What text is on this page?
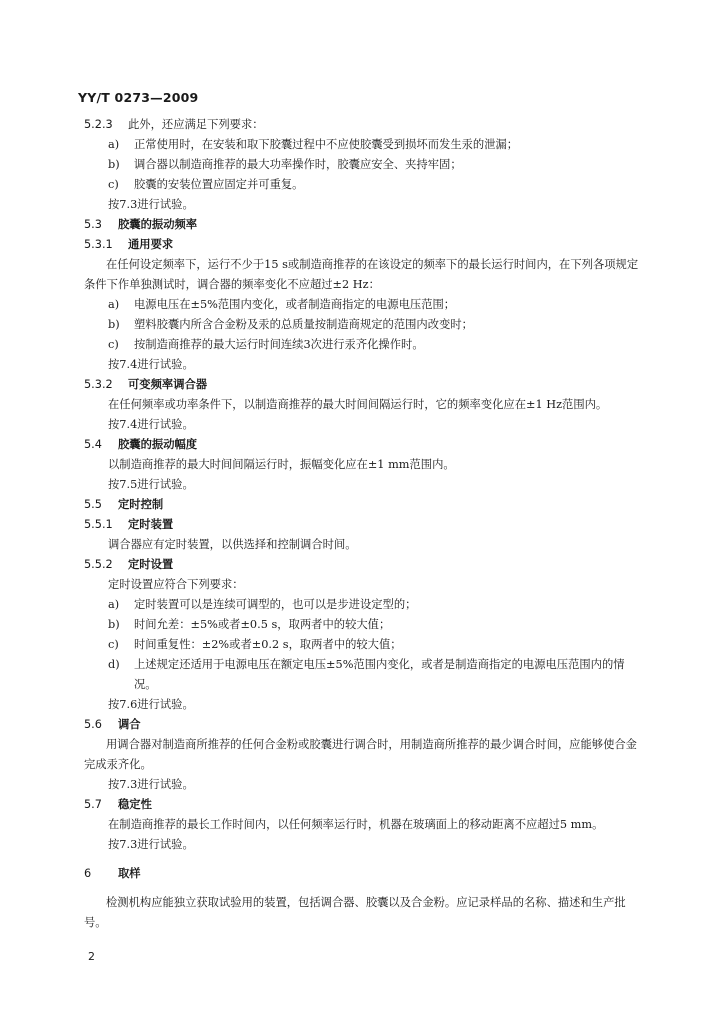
YY/T 0273—2009
5.2.3 此外，还应满足下列要求：
a)	正常使用时，在安装和取下胶囊过程中不应使胶囊受到损坏而发生汞的泄漏；
b)	调合器以制造商推荐的最大功率操作时，胶囊应安全、夹持牢固；
c)	胶囊的安装位置应固定并可重复。
按7.3进行试验。
5.3 胶囊的振动频率
5.3.1 通用要求
在任何设定频率下，运行不少于15 s或制造商推荐的在该设定的频率下的最长运行时间内，在下列各项规定条件下作单独测试时，调合器的频率变化不应超过±2 Hz：
a)	电源电压在±5%范围内变化，或者制造商指定的电源电压范围；
b)	塑料胶囊内所含合金粉及汞的总质量按制造商规定的范围内改变时；
c)	按制造商推荐的最大运行时间连续3次进行汞齐化操作时。
按7.4进行试验。
5.3.2 可变频率调合器
在任何频率或功率条件下，以制造商推荐的最大时间间隔运行时，它的频率变化应在±1 Hz范围内。
按7.4进行试验。
5.4 胶囊的振动幅度
以制造商推荐的最大时间间隔运行时，振幅变化应在±1 mm范围内。
按7.5进行试验。
5.5 定时控制
5.5.1 定时装置
调合器应有定时装置，以供选择和控制调合时间。
5.5.2 定时设置
定时设置应符合下列要求：
a)	定时装置可以是连续可调型的，也可以是步进设定型的；
b)	时间允差：±5%或者±0.5 s，取两者中的较大值；
c)	时间重复性：±2%或者±0.2 s，取两者中的较大值；
d)	上述规定还适用于电源电压在额定电压±5%范围内变化，或者是制造商指定的电源电压范围内的情况。
按7.6进行试验。
5.6 调合
用调合器对制造商所推荐的任何合金粉或胶囊进行调合时，用制造商所推荐的最少调合时间，应能够使合金完成汞齐化。
按7.3进行试验。
5.7 稳定性
在制造商推荐的最长工作时间内，以任何频率运行时，机器在玻璃面上的移动距离不应超过5 mm。
按7.3进行试验。
6 取样
检测机构应能独立获取试验用的装置，包括调合器、胶囊以及合金粉。应记录样品的名称、描述和生产批号。
2
